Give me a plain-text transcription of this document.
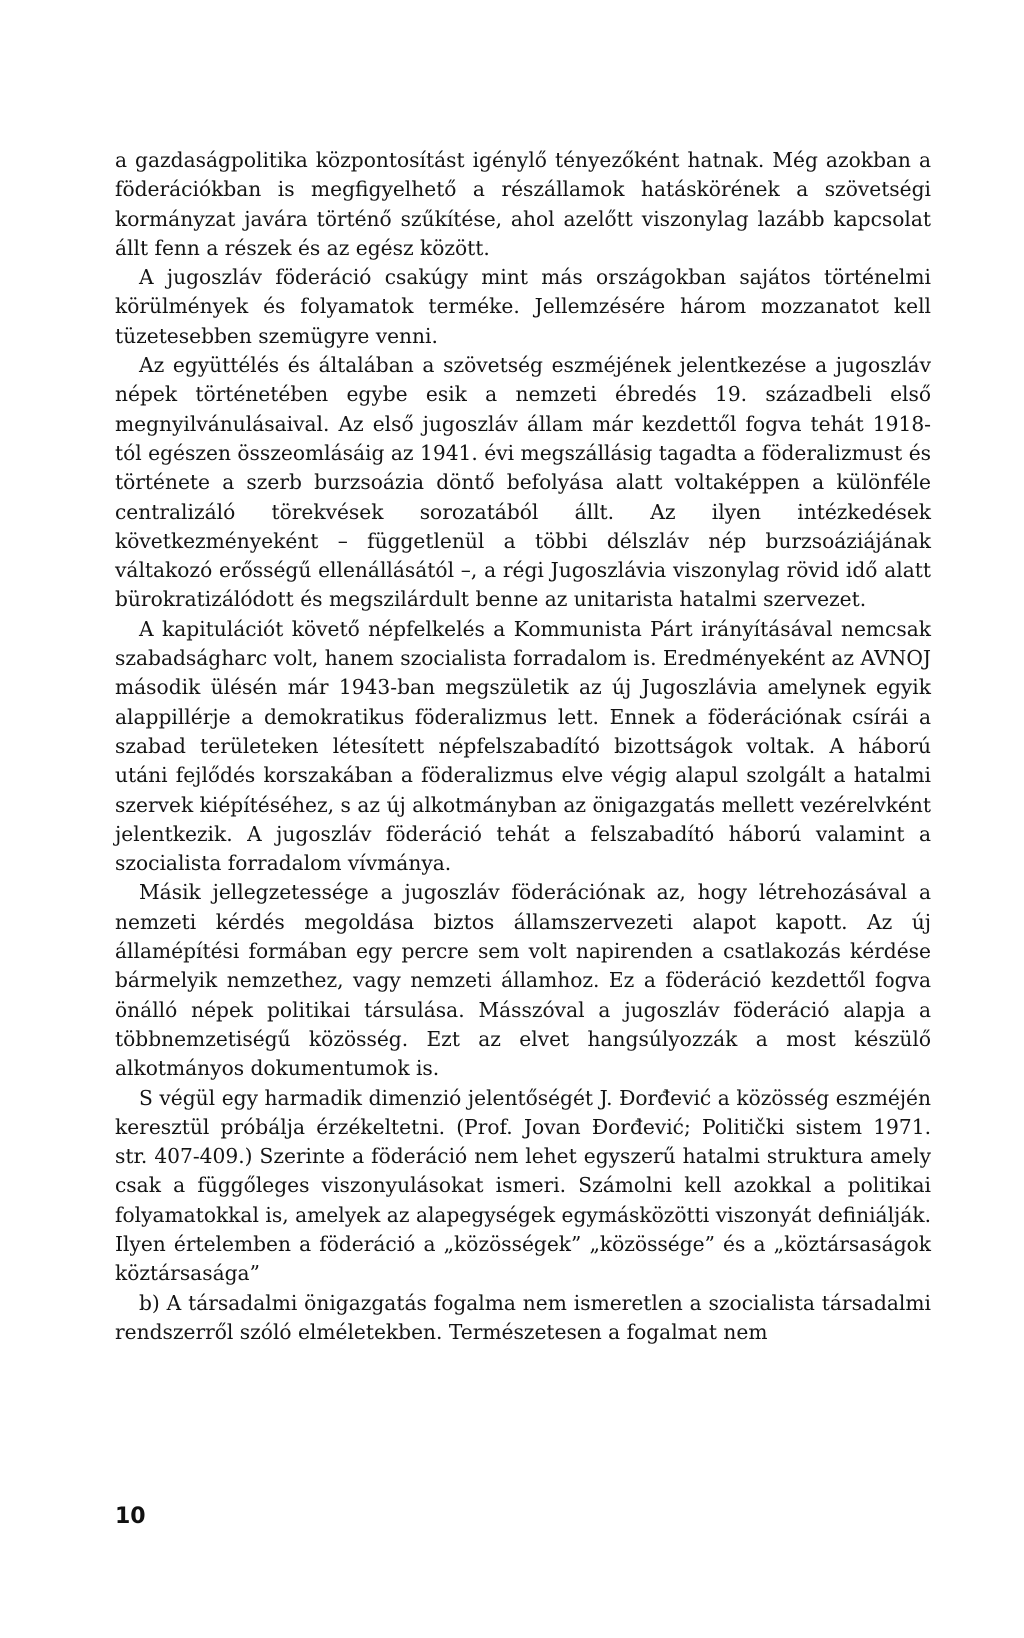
a gazdaságpolitika központosítást igénylő tényezőként hatnak. Még azokban a föderációkban is megfigyelhető a részállamok hatáskörének a szövetségi kormányzat javára történő szűkítése, ahol azelőtt viszonylag lazább kapcsolat állt fenn a részek és az egész között.

A jugoszláv föderáció csakúgy mint más országokban sajátos történelmi körülmények és folyamatok terméke. Jellemzésére három mozzanatot kell tüzetesebben szemügyre venni.

Az együttélés és általában a szövetség eszméjének jelentkezése a jugoszláv népek történetében egybe esik a nemzeti ébredés 19. századbeli első megnyilvánulásaival. Az első jugoszláv állam már kezdettől fogva tehát 1918-tól egészen összeomlásáig az 1941. évi megszállásig tagadta a föderalizmust és története a szerb burzsoázia döntő befolyása alatt voltaképpen a különféle centralizáló törekvések sorozatából állt. Az ilyen intézkedések következményeként – függetlenül a többi délszláv nép burzsoáziájának váltakozó erősségű ellenállásától –, a régi Jugoszlávia viszonylag rövid idő alatt bürokratizálódott és megszilárdult benne az unitarista hatalmi szervezet.

A kapitulációt követő népfelkelés a Kommunista Párt irányításával nemcsak szabadságharc volt, hanem szocialista forradalom is. Eredményeként az AVNOJ második ülésén már 1943-ban megszületik az új Jugoszlávia amelynek egyik alappillérje a demokratikus föderalizmus lett. Ennek a föderációnak csírái a szabad területeken létesített népfelszabadító bizottságok voltak. A háború utáni fejlődés korszakában a föderalizmus elve végig alapul szolgált a hatalmi szervek kiépítéséhez, s az új alkotmányban az önigazgatás mellett vezérelvként jelentkezik. A jugoszláv föderáció tehát a felszabadító háború valamint a szocialista forradalom vívmánya.

Másik jellegzetessége a jugoszláv föderációnak az, hogy létrehozásával a nemzeti kérdés megoldása biztos államszervezeti alapot kapott. Az új államépítési formában egy percre sem volt napirenden a csatlakozás kérdése bármelyik nemzethez, vagy nemzeti államhoz. Ez a föderáció kezdettől fogva önálló népek politikai társulása. Másszóval a jugoszláv föderáció alapja a többnemzetiségű közösség. Ezt az elvet hangsúlyozzák a most készülő alkotmányos dokumentumok is.

S végül egy harmadik dimenzió jelentőségét J. Đorđević a közösség eszméjén keresztül próbálja érzékeltetni. (Prof. Jovan Đorđević; Politički sistem 1971. str. 407-409.) Szerinte a föderáció nem lehet egyszerű hatalmi struktura amely csak a függőleges viszonyulásokat ismeri. Számolni kell azokkal a politikai folyamatokkal is, amelyek az alapegységek egymásközötti viszonyát definiálják. Ilyen értelemben a föderáció a „közösségek” „közössége” és a „köztársaságok köztársasága”

b) A társadalmi önigazgatás fogalma nem ismeretlen a szocialista társadalmi rendszerről szóló elméletekben. Természetesen a fogalmat nem

10
